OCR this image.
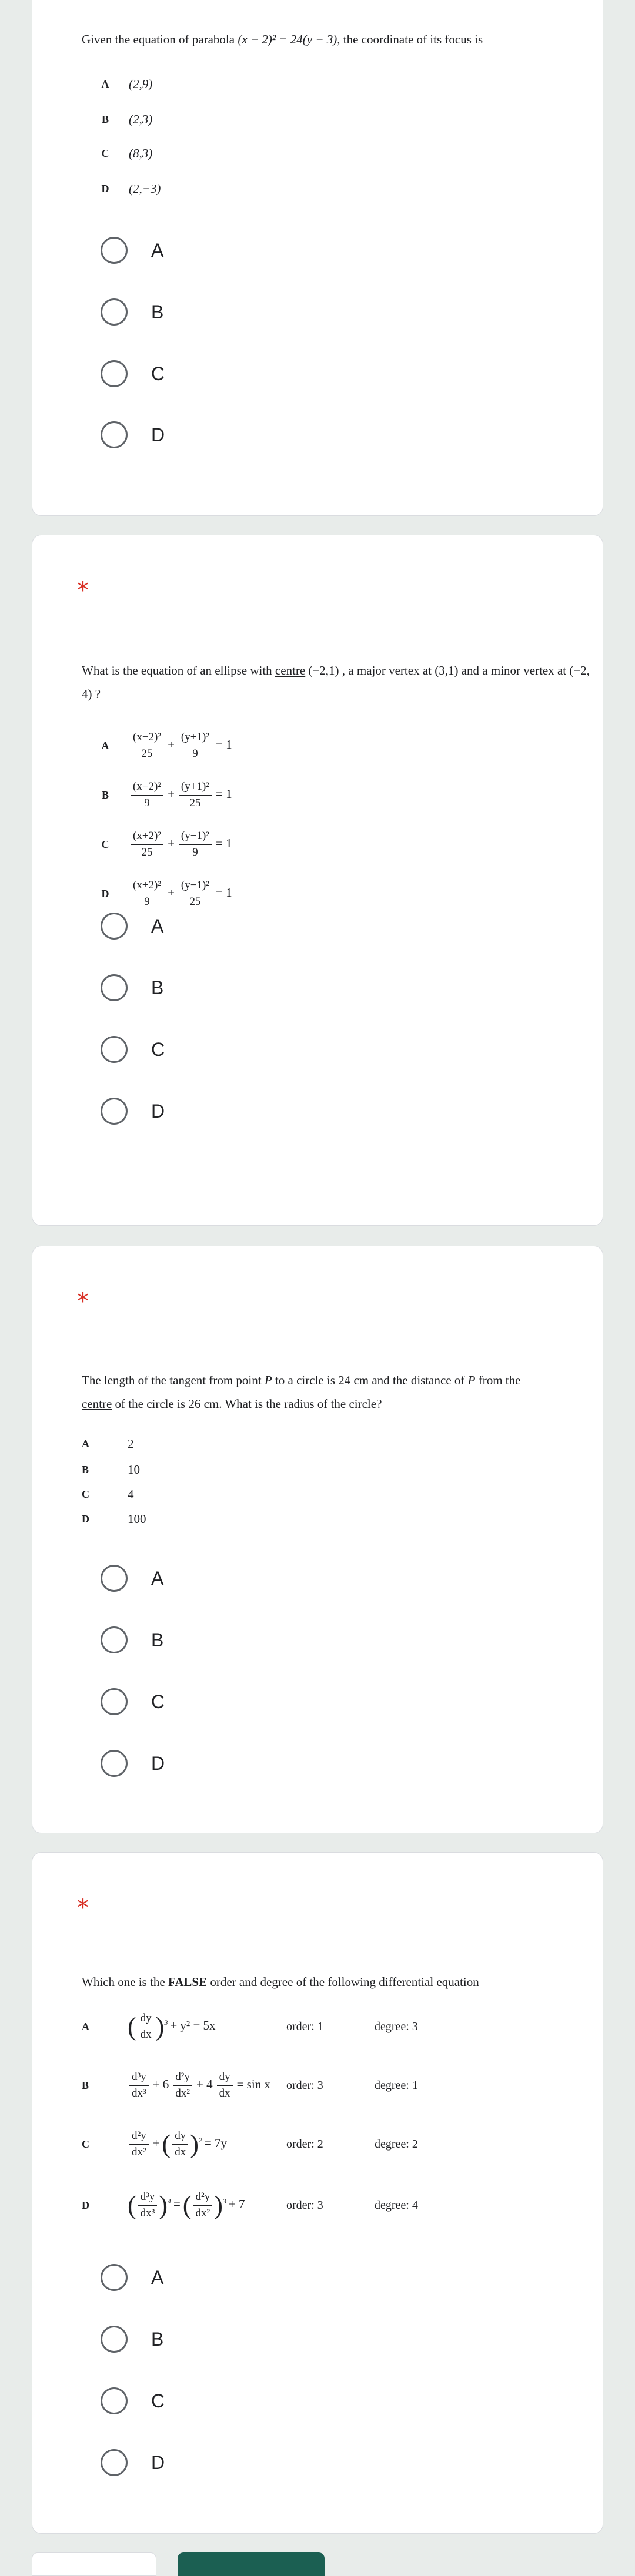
Given the equation of parabola (x − 2)² = 24(y − 3), the coordinate of its focus is
A	(2,9)
B	(2,3)
C	(8,3)
D	(2,−3)
A
B
C
D
*
What is the equation of an ellipse with centre (−2,1) , a major vertex at (3,1) and a minor vertex at (−2, 4) ?
A	$\frac{\text{(x−2)²}}{25} + \frac{\text{(y+1)²}}{9} = 1$
B	$\frac{\text{(x−2)²}}{9} + \frac{\text{(y+1)²}}{25} = 1$
C	$\frac{\text{(x+2)²}}{25} + \frac{\text{(y−1)²}}{9} = 1$
D	$\frac{\text{(x+2)²}}{9} + \frac{\text{(y−1)²}}{25} = 1$
A
B
C
D
*
The length of the tangent from point P to a circle is 24 cm and the distance of P from the
centre of the circle is 26 cm. What is the radius of the circle?
A	2
B	10
C	4
D	100
A
B
C
D
*
Which one is the FALSE order and degree of the following differential equation
A ( $\frac{dy}{dx} )^3 + y^2 = 5x$	order: 1	degree: 3
B	$\frac{\text{d³y}}{\text{dx³}} + 6 \frac{\text{d²y}}{\text{dx²}} + 4 \frac{dy}{dx} = \sin x$	order: 3	degree: 1
C	$\frac{\text{d²y}}{\text{dx²}}$ +( $\frac{dy}{dx} )^2 = 7y$	order: 2	degree: 2
D ( $\frac{\text{d³y}}{\text{dx³}} )^4$ =( $\frac{\text{d²y}}{\text{dx²}} )^3 + 7$	order: 3	degree: 4
A
B
C
D
